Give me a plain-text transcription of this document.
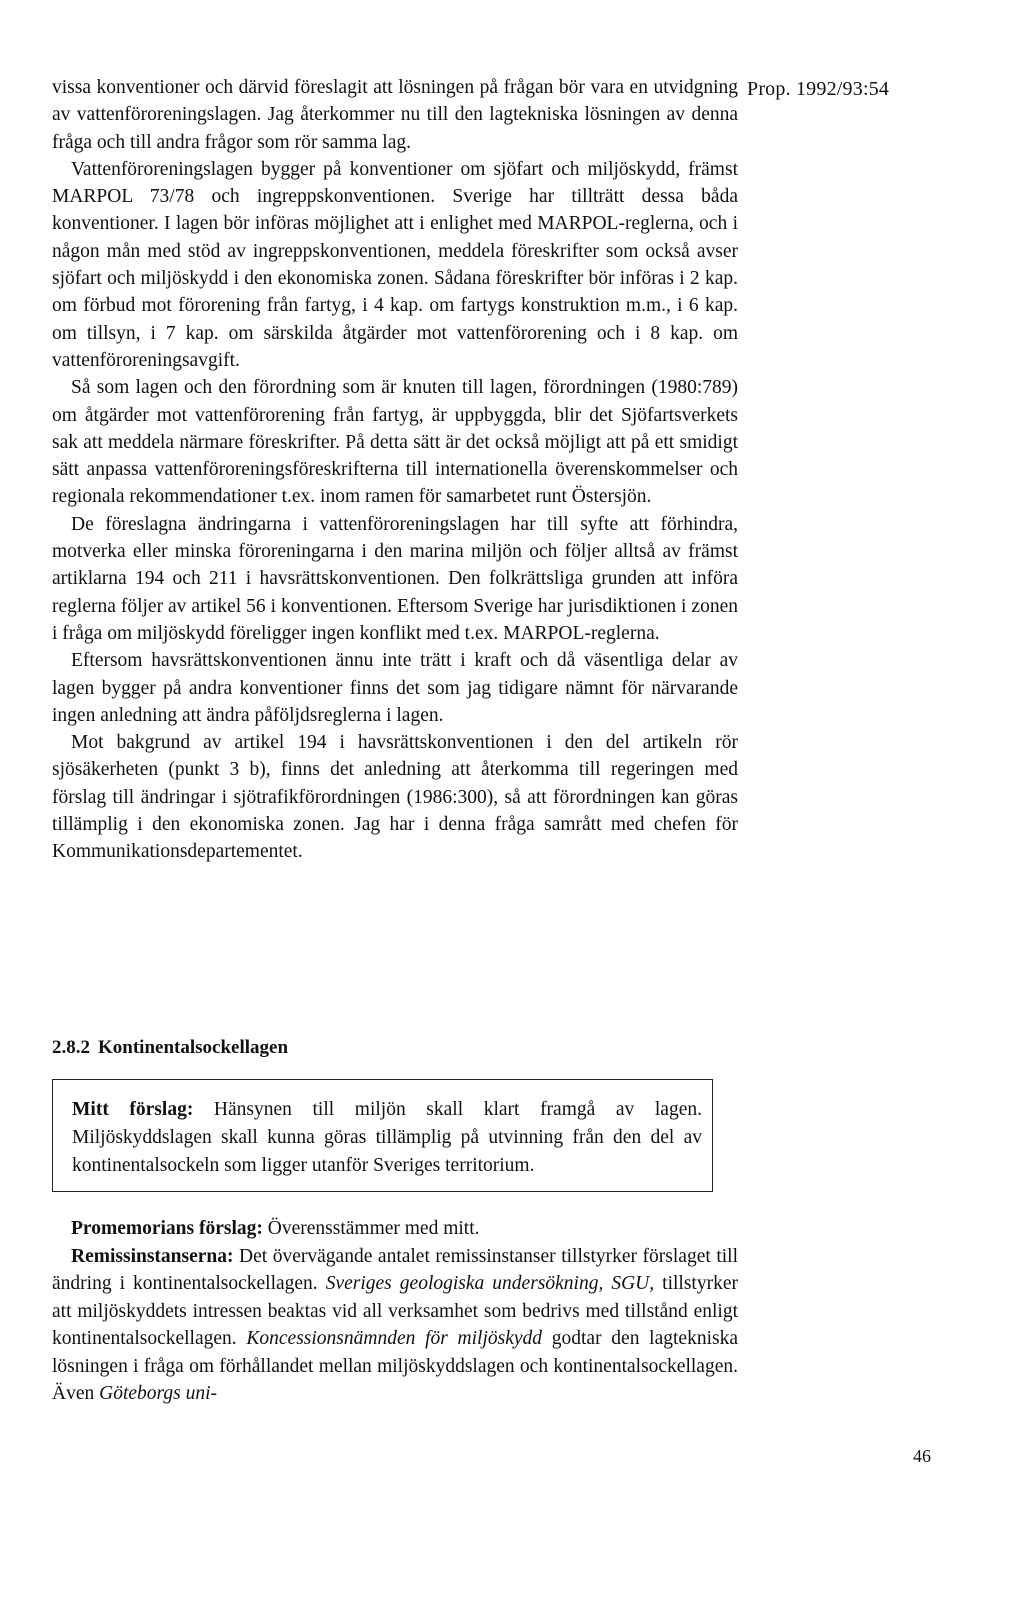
Prop. 1992/93:54

vissa konventioner och därvid föreslagit att lösningen på frågan bör vara en utvidgning av vattenföroreningslagen. Jag återkommer nu till den lagtekniska lösningen av denna fråga och till andra frågor som rör samma lag.

Vattenföroreningslagen bygger på konventioner om sjöfart och miljöskydd, främst MARPOL 73/78 och ingreppskonventionen. Sverige har tillträtt dessa båda konventioner. I lagen bör införas möjlighet att i enlighet med MARPOL-reglerna, och i någon mån med stöd av ingreppskonventionen, meddela föreskrifter som också avser sjöfart och miljöskydd i den ekonomiska zonen. Sådana föreskrifter bör införas i 2 kap. om förbud mot förorening från fartyg, i 4 kap. om fartygs konstruktion m.m., i 6 kap. om tillsyn, i 7 kap. om särskilda åtgärder mot vattenförorening och i 8 kap. om vattenföroreningsavgift.

Så som lagen och den förordning som är knuten till lagen, förordningen (1980:789) om åtgärder mot vattenförorening från fartyg, är uppbyggda, blir det Sjöfartsverkets sak att meddela närmare föreskrifter. På detta sätt är det också möjligt att på ett smidigt sätt anpassa vattenföroreningsföreskrifterna till internationella överenskommelser och regionala rekommendationer t.ex. inom ramen för samarbetet runt Östersjön.

De föreslagna ändringarna i vattenföroreningslagen har till syfte att förhindra, motverka eller minska föroreningarna i den marina miljön och följer alltså av främst artiklarna 194 och 211 i havsrättskonventionen. Den folkrättsliga grunden att införa reglerna följer av artikel 56 i konventionen. Eftersom Sverige har jurisdiktionen i zonen i fråga om miljöskydd föreligger ingen konflikt med t.ex. MARPOL-reglerna.

Eftersom havsrättskonventionen ännu inte trätt i kraft och då väsentliga delar av lagen bygger på andra konventioner finns det som jag tidigare nämnt för närvarande ingen anledning att ändra påföljdsreglerna i lagen.

Mot bakgrund av artikel 194 i havsrättskonventionen i den del artikeln rör sjösäkerheten (punkt 3 b), finns det anledning att återkomma till regeringen med förslag till ändringar i sjötrafikförordningen (1986:300), så att förordningen kan göras tillämplig i den ekonomiska zonen. Jag har i denna fråga samrått med chefen för Kommunikationsdepartementet.

2.8.2 Kontinentalsockellagen

Mitt förslag: Hänsynen till miljön skall klart framgå av lagen. Miljöskyddslagen skall kunna göras tillämplig på utvinning från den del av kontinentalsockeln som ligger utanför Sveriges territorium.

Promemorians förslag: Överensstämmer med mitt.

Remissinstanserna: Det övervägande antalet remissinstanser tillstyrker förslaget till ändring i kontinentalsockellagen. Sveriges geologiska undersökning, SGU, tillstyrker att miljöskyddets intressen beaktas vid all verksamhet som bedrivs med tillstånd enligt kontinentalsockellagen. Koncessionsnämnden för miljöskydd godtar den lagtekniska lösningen i fråga om förhållandet mellan miljöskyddslagen och kontinentalsockellagen. Även Göteborgs uni-

46
